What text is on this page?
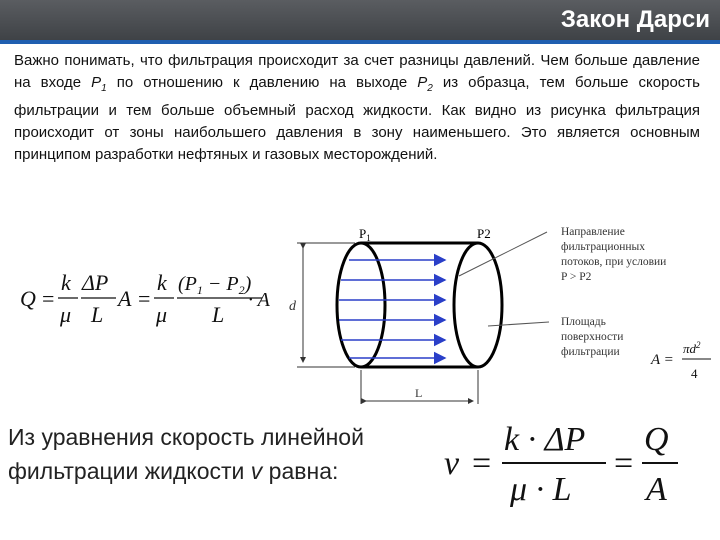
Закон Дарси
Важно понимать, что фильтрация происходит за счет разницы давлений. Чем больше давление на входе $P_1$ по отношению к давлению на выходе $P_2$ из образца, тем больше скорость фильтрации и тем больше объемный расход жидкости. Как видно из рисунка фильтрация происходит от зоны наибольшего давления в зону наименьшего. Это является основным принципом разработки нефтяных и газовых месторождений.
Q =
k
μ
ΔP
L
A =
k
μ
$(P_1 - P_2)$
L
· A d
L
$P_1$	P2	Направление
фильтрационных
потоков, при условии
P > P2
Площадь
поверхности
фильтрации A =
$\pi d^2$
4
Из уравнения скорость линейной
фильтрации жидкости v равна:	v =
k · ΔP
μ · L
=
Q
A
